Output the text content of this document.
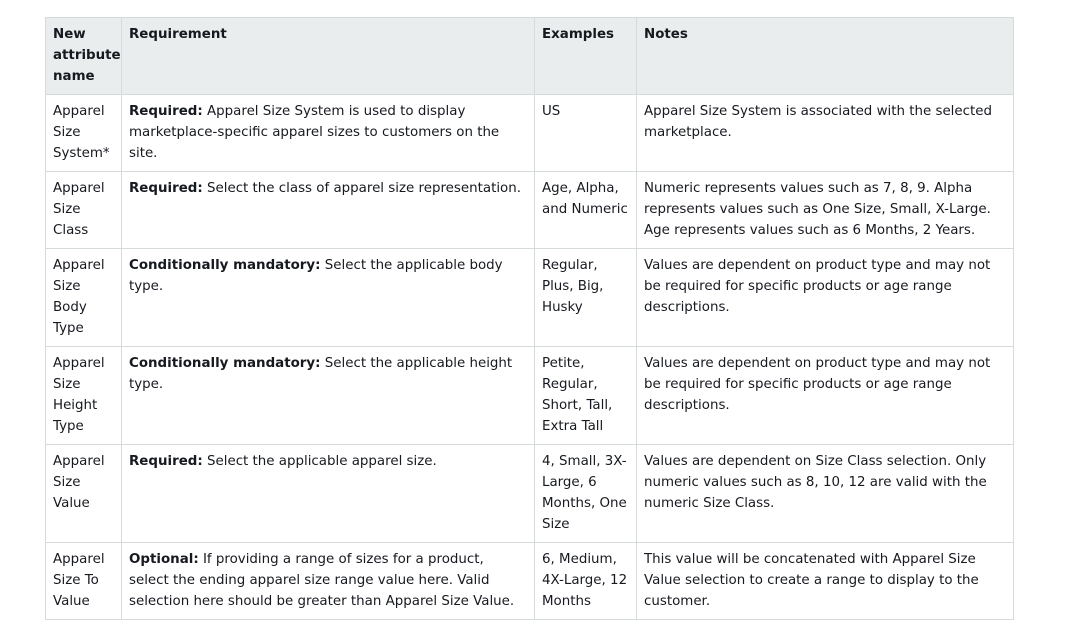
New attribute name	Requirement	Examples	Notes
Apparel Size System*	Required: Apparel Size System is used to display marketplace-specific apparel sizes to customers on the site.	US	Apparel Size System is associated with the selected marketplace.
Apparel Size Class	Required: Select the class of apparel size representation.	Age, Alpha, and Numeric	Numeric represents values such as 7, 8, 9. Alpha represents values such as One Size, Small, X-Large. Age represents values such as 6 Months, 2 Years.
Apparel Size Body Type	Conditionally mandatory: Select the applicable body type.	Regular, Plus, Big, Husky	Values are dependent on product type and may not be required for specific products or age range descriptions.
Apparel Size Height Type	Conditionally mandatory: Select the applicable height type.	Petite, Regular, Short, Tall, Extra Tall	Values are dependent on product type and may not be required for specific products or age range descriptions.
Apparel Size Value	Required: Select the applicable apparel size.	4, Small, 3X-Large, 6 Months, One Size	Values are dependent on Size Class selection. Only numeric values such as 8, 10, 12 are valid with the numeric Size Class.
Apparel Size To Value	Optional: If providing a range of sizes for a product, select the ending apparel size range value here. Valid selection here should be greater than Apparel Size Value.	6, Medium, 4X-Large, 12 Months	This value will be concatenated with Apparel Size Value selection to create a range to display to the customer.
